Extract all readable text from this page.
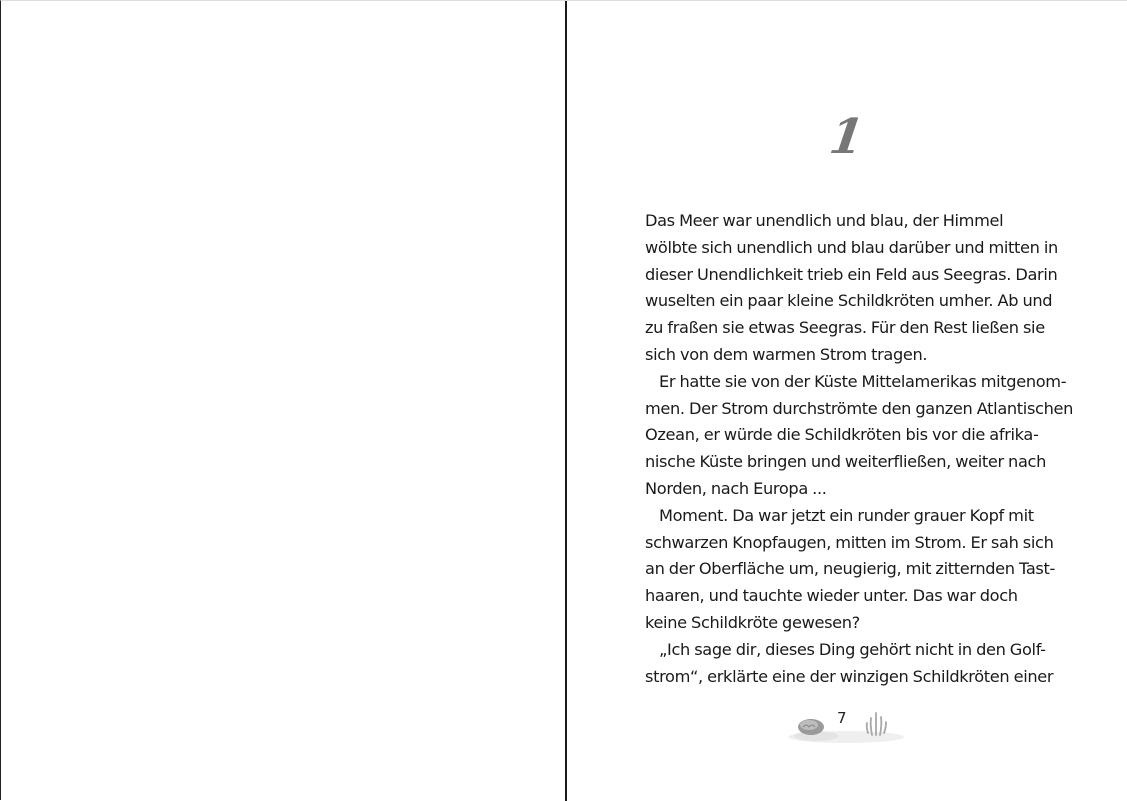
1
Das Meer war unendlich und blau, der Himmel
wölbte sich unendlich und blau darüber und mitten in
dieser Unendlichkeit trieb ein Feld aus Seegras. Darin
wuselten ein paar kleine Schildkröten umher. Ab und
zu fraßen sie etwas Seegras. Für den Rest ließen sie
sich von dem warmen Strom tragen.
Er hatte sie von der Küste Mittelamerikas mitgenom-
men. Der Strom durchströmte den ganzen Atlantischen
Ozean, er würde die Schildkröten bis vor die afrika-
nische Küste bringen und weiterfließen, weiter nach
Norden, nach Europa ...
Moment. Da war jetzt ein runder grauer Kopf mit
schwarzen Knopfaugen, mitten im Strom. Er sah sich
an der Oberfläche um, neugierig, mit zitternden Tast-
haaren, und tauchte wieder unter. Das war doch
keine Schildkröte gewesen?
„Ich sage dir, dieses Ding gehört nicht in den Golf-
strom“, erklärte eine der winzigen Schildkröten einer
7
